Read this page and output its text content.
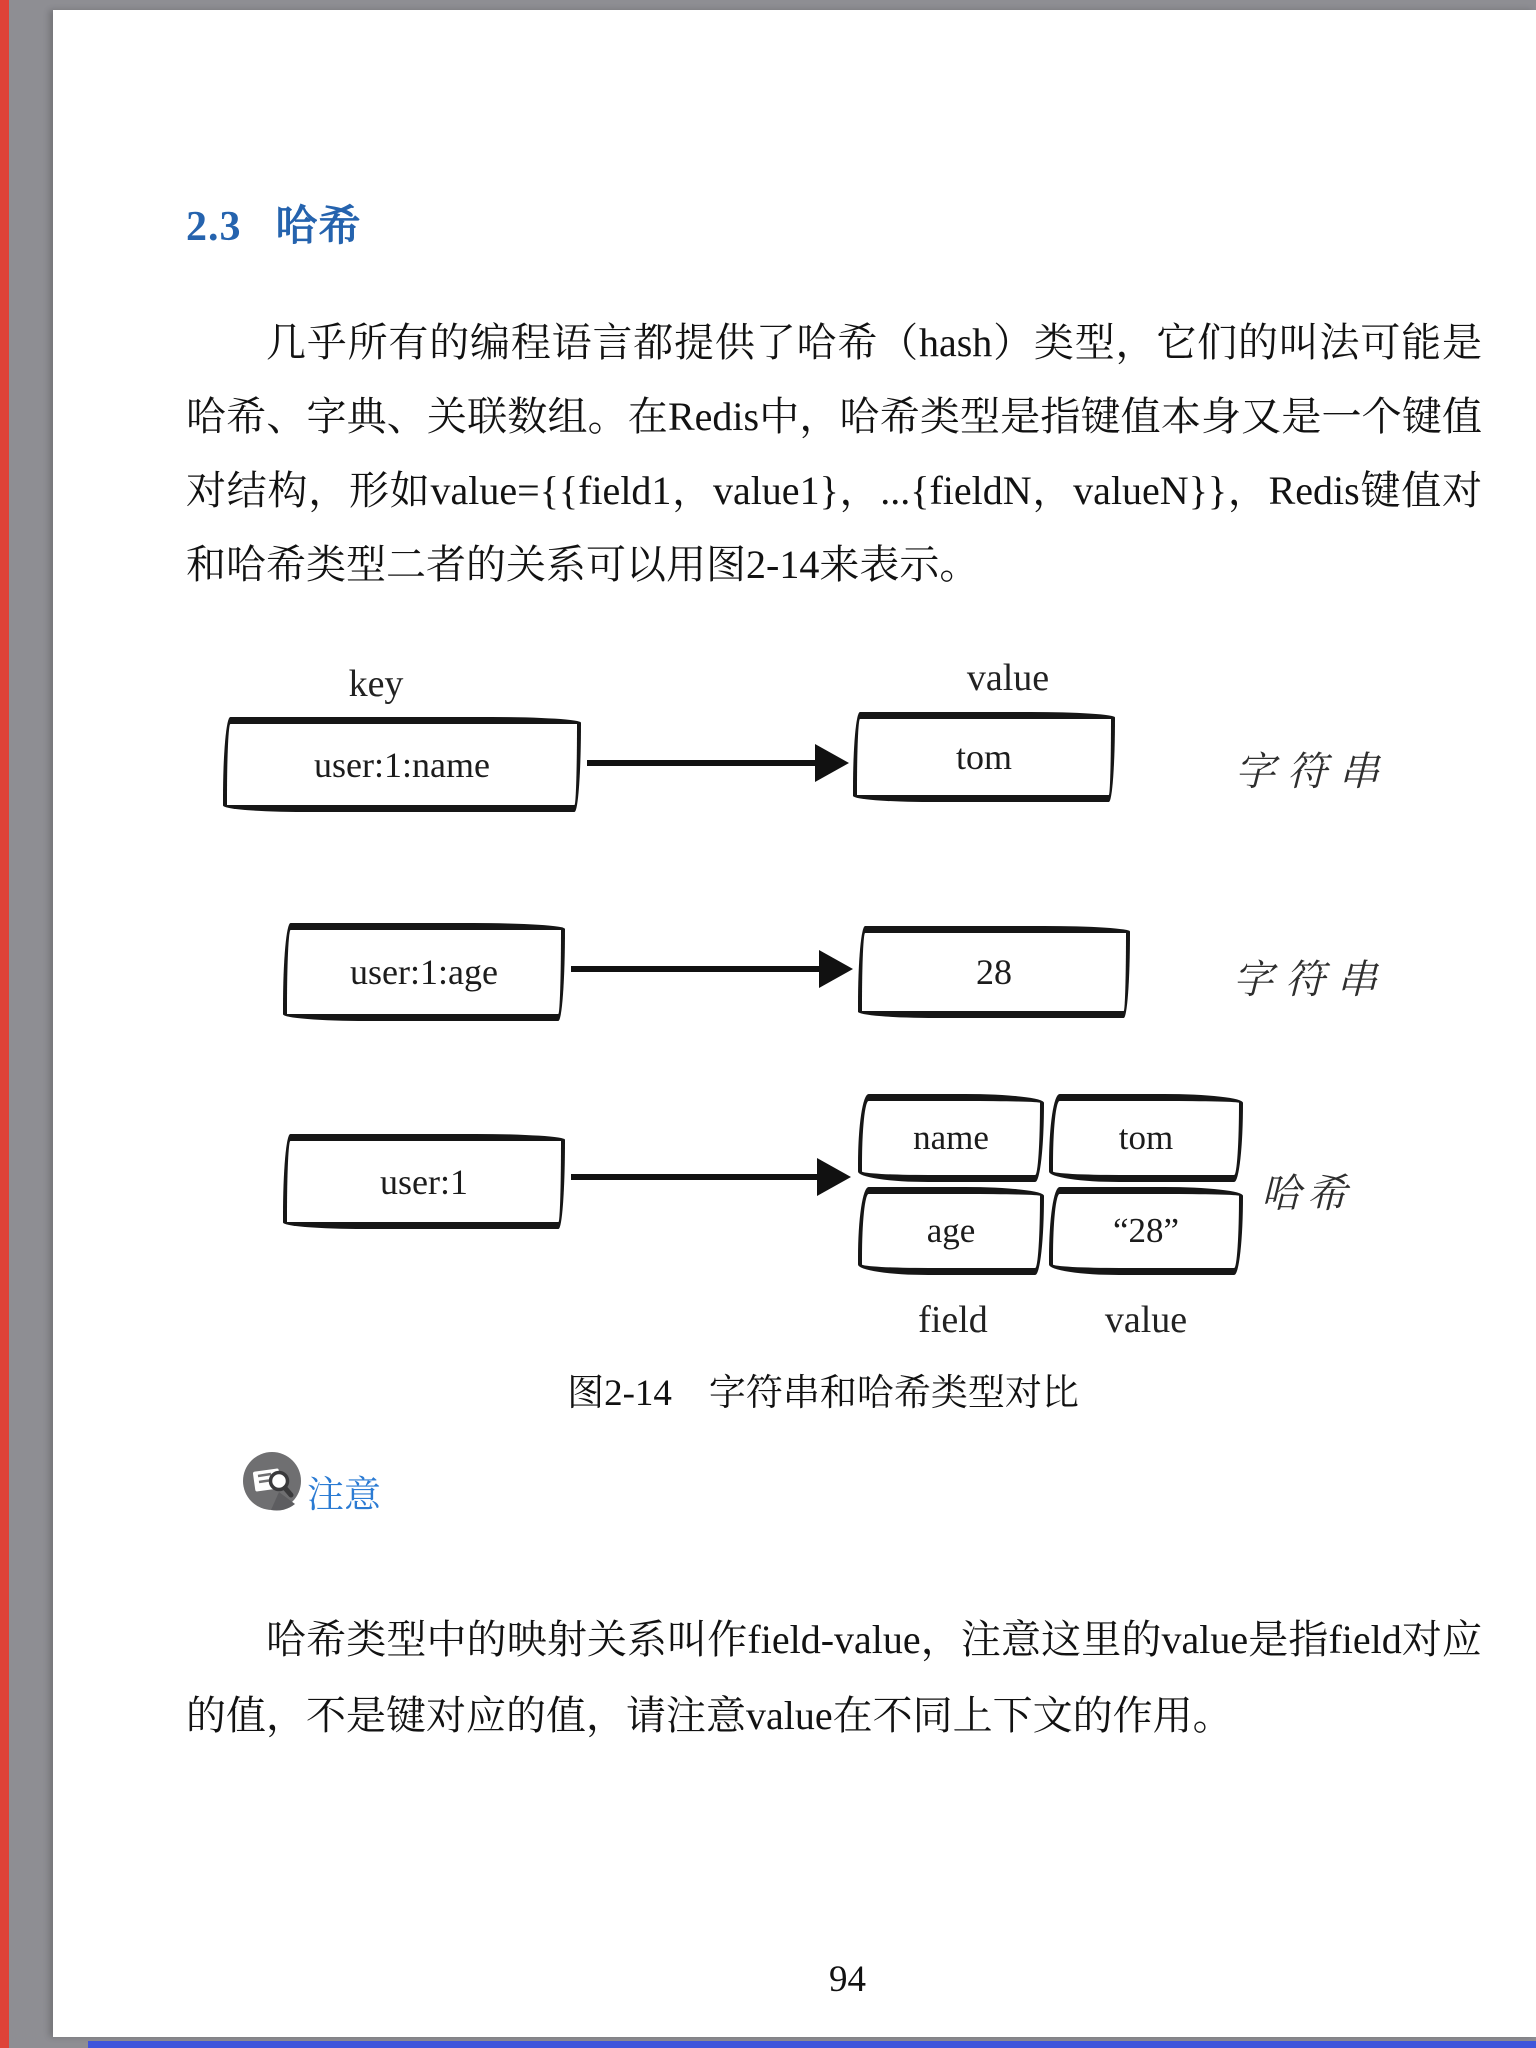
2.3 哈希

几乎所有的编程语言都提供了哈希（hash）类型，它们的叫法可能是哈希、字典、关联数组。在Redis中，哈希类型是指键值本身又是一个键值对结构，形如value={{field1，value1}，...{fieldN，valueN}}，Redis键值对和哈希类型二者的关系可以用图2-14来表示。

key	value
user:1:name	tom	字符串
user:1:age	28	字符串
user:1
name	tom
age	“28”
哈希
field	value
图2-14　字符串和哈希类型对比
注意

哈希类型中的映射关系叫作field-value，注意这里的value是指field对应的值，不是键对应的值，请注意value在不同上下文的作用。

94
